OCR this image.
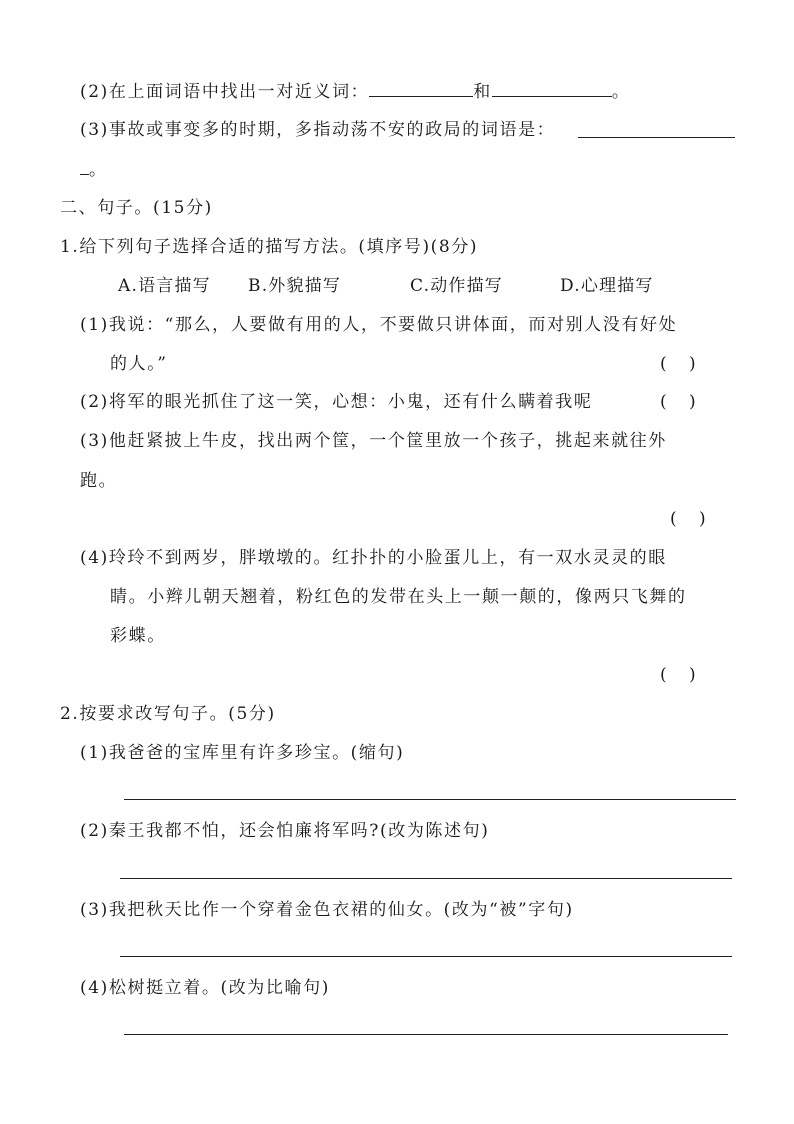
(2)在上面词语中找出一对近义词：	和	。
(3)事故或事变多的时期，多指动荡不安的政局的词语是：
。
二、句子。(15分)
1.给下列句子选择合适的描写方法。(填序号)(8分)
A.语言描写 B.外貌描写	C.动作描写	D.心理描写
(1)我说：“那么，人要做有用的人，不要做只讲体面，而对别人没有好处
的人。”	(　 )
(2)将军的眼光抓住了这一笑，心想：小鬼，还有什么瞒着我呢	(　 )
(3)他赶紧披上牛皮，找出两个筐，一个筐里放一个孩子，挑起来就往外
跑。
(　 )
(4)玲玲不到两岁，胖墩墩的。红扑扑的小脸蛋儿上，有一双水灵灵的眼
睛。小辫儿朝天翘着，粉红色的发带在头上一颠一颠的，像两只飞舞的
彩蝶。
(　 )
2.按要求改写句子。(5分)
(1)我爸爸的宝库里有许多珍宝。(缩句)
(2)秦王我都不怕，还会怕廉将军吗?(改为陈述句)
(3)我把秋天比作一个穿着金色衣裙的仙女。(改为“被”字句)
(4)松树挺立着。(改为比喻句)
